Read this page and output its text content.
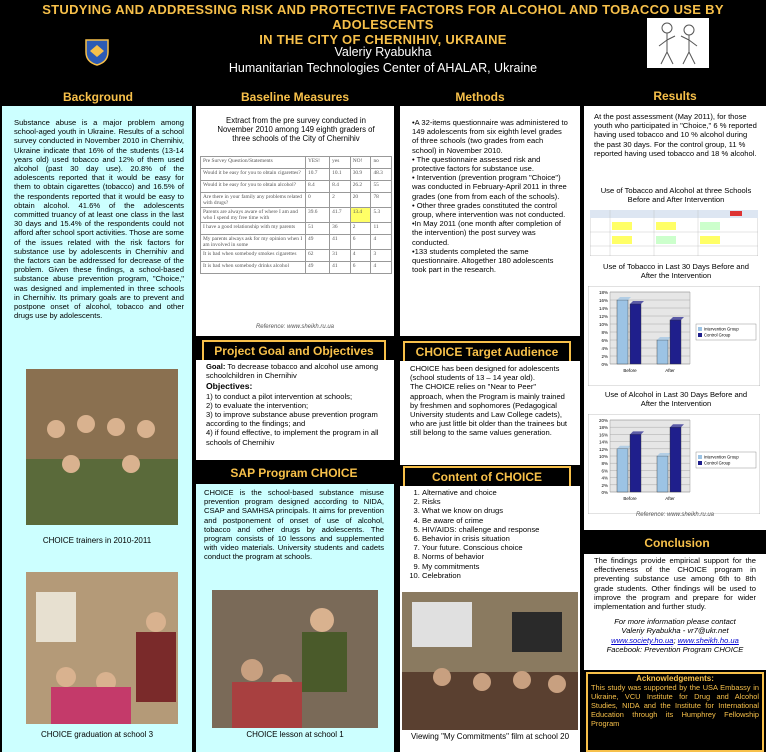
STUDYING AND ADDRESSING RISK AND PROTECTIVE FACTORS FOR ALCOHOL AND TOBACCO USE BY ADOLESCENTS
IN THE CITY OF CHERNIHIV, UKRAINE
Valeriy Ryabukha
Humanitarian Technologies Center of AHALAR, Ukraine
Background	Baseline Measures	Methods	Results
Substance abuse is a major problem among school-aged youth in Ukraine. Results of a school survey conducted in November 2010 in Chernihiv, Ukraine indicate that 16% of the students (13-14 years old) used tobacco and 12% of them used alcohol (past 30 day use). 20.8% of the adolescents reported that it would be easy for them to obtain cigarettes (tobacco) and 16.5% of the respondents reported that it would be easy to obtain alcohol. 41.6% of the adolescents committed truancy of at least one class in the last 30 days and 15.4% of the respondents could not afford after school sport activities. Those are some of the issues related with the risk factors for substance use by adolescents in Chernihiv and the factors can be addressed for decrease of the problem. Given these findings, a school-based substance abuse prevention program, "Choice," was designed and implemented in three schools in Chernihiv. Its primary goals are to prevent and postpone onset of alcohol, tobacco and other drugs use by adolescents.
CHOICE trainers in 2010-2011
CHOICE graduation at school 3
Extract from the pre survey conducted in November 2010 among 149 eighth graders of three schools of the City of Chernihiv
Pre Survey Question/Statements	YES!	yes	NO!	no
Would it be easy for you to obtain cigarettes?	10.7	10.1	30.9	48.3
Would it be easy for you to obtain alcohol?	8.4	8.4	26.2	55
Are there in your family any problems related with drugs?	0	2	20	78
Parents are always aware of where I am and who I spend my free time with	39.6	41.7	13.4	5.3
I have a good relationship with my parents	51	36	2	11
My parents always ask for my opinion when I am involved in some	49	41	6	4
It is bad when somebody smokes cigarettes	62	31	4	3
It is bad when somebody drinks alcohol	49	41	6	4
Reference: www.sheikh.ru.ua
Project Goal and Objectives
Goal: To decrease tobacco and alcohol use among schoolchildren in Chernihiv
Objectives:
1) to conduct a pilot intervention at schools;
2) to evaluate the intervention;
3) to improve substance abuse prevention program according to the findings; and
4) if found effective, to implement the program in all schools of Chernihiv
SAP Program CHOICE
CHOICE is the school-based substance misuse prevention program designed according to NIDA, CSAP and SAMHSA principals. It aims for prevention and postponement of onset of use of alcohol, tobacco and other drugs by adolescents. The program consists of 10 lessons and supplemented with video materials. University students and cadets conduct the program at schools.
CHOICE lesson at school 1
•A 32-items questionnaire was administered to 149 adolescents from six eighth level grades of three schools (two grades from each school) in November 2010.
• The questionnaire assessed risk and protective factors for substance use.
• Intervention (prevention program "Choice") was conducted in February-April 2011 in three grades (one from from each of the schools).
• Other three grades constituted the control group, where intervention was not conducted.
•In May 2011 (one month after completion of the intervention) the post survey was conducted.
•133 students completed the same questionnaire. Altogether 180 adolescents took part in the research.
CHOICE Target Audience
CHOICE has been designed for adolescents (school students of 13 – 14 year old).
The CHOICE relies on "Near to Peer" approach, when the Program is mainly trained by freshmen and sophomores (Pedagogical University students and Law College cadets), who are just little bit older than the trainees but still belong to the same values generation.
Content of CHOICE
1. Alternative and choice
2. Risks
3. What we know on drugs
4. Be aware of crime
5. HIV/AIDS: challenge and response
6. Behavior in crisis situation
7. Your future. Conscious choice
8. Norms of behavior
9. My commitments
10. Celebration
Viewing "My Commitments" film at school 20
At the post assessment (May 2011), for those youth who participated in "Choice," 6 % reported having used tobacco and 10 % alcohol during the past 30 days. For the control group, 11 % reported having used tobacco and 18 % alcohol.
Use of Tobacco and Alcohol at three Schools Before and After Intervention
Use of Tobacco in Last 30 Days Before and After the Intervention
0%
2%
4%
6%
8%
10%
12%
14%
16%
18%
Before	After
Intervention Group
Control Group
Use of Alcohol in Last 30 Days Before and After the Intervention
0%
2%
4%
6%
8%
10%
12%
14%
16%
18%
20%
Before	After
Intervention Group
Control Group
Reference: www.sheikh.ru.ua
Conclusion
The findings provide empirical support for the effectiveness of the CHOICE program in preventing substance use among 6th to 8th grade students. Other findings will be used to improve the program and prepare for wider implementation and further study.
For more information please contact
Valeriy Ryabukha - vr7@ukr.net
www.society.ho.ua; www.sheikh.ho.ua
Facebook: Prevention Program CHOICE
Acknowledgements:
This study was supported by the USA Embassy in Ukraine, VCU Institute for Drug and Alcohol Studies, NIDA and the Institute for International Education through its Humphrey Fellowship Program
